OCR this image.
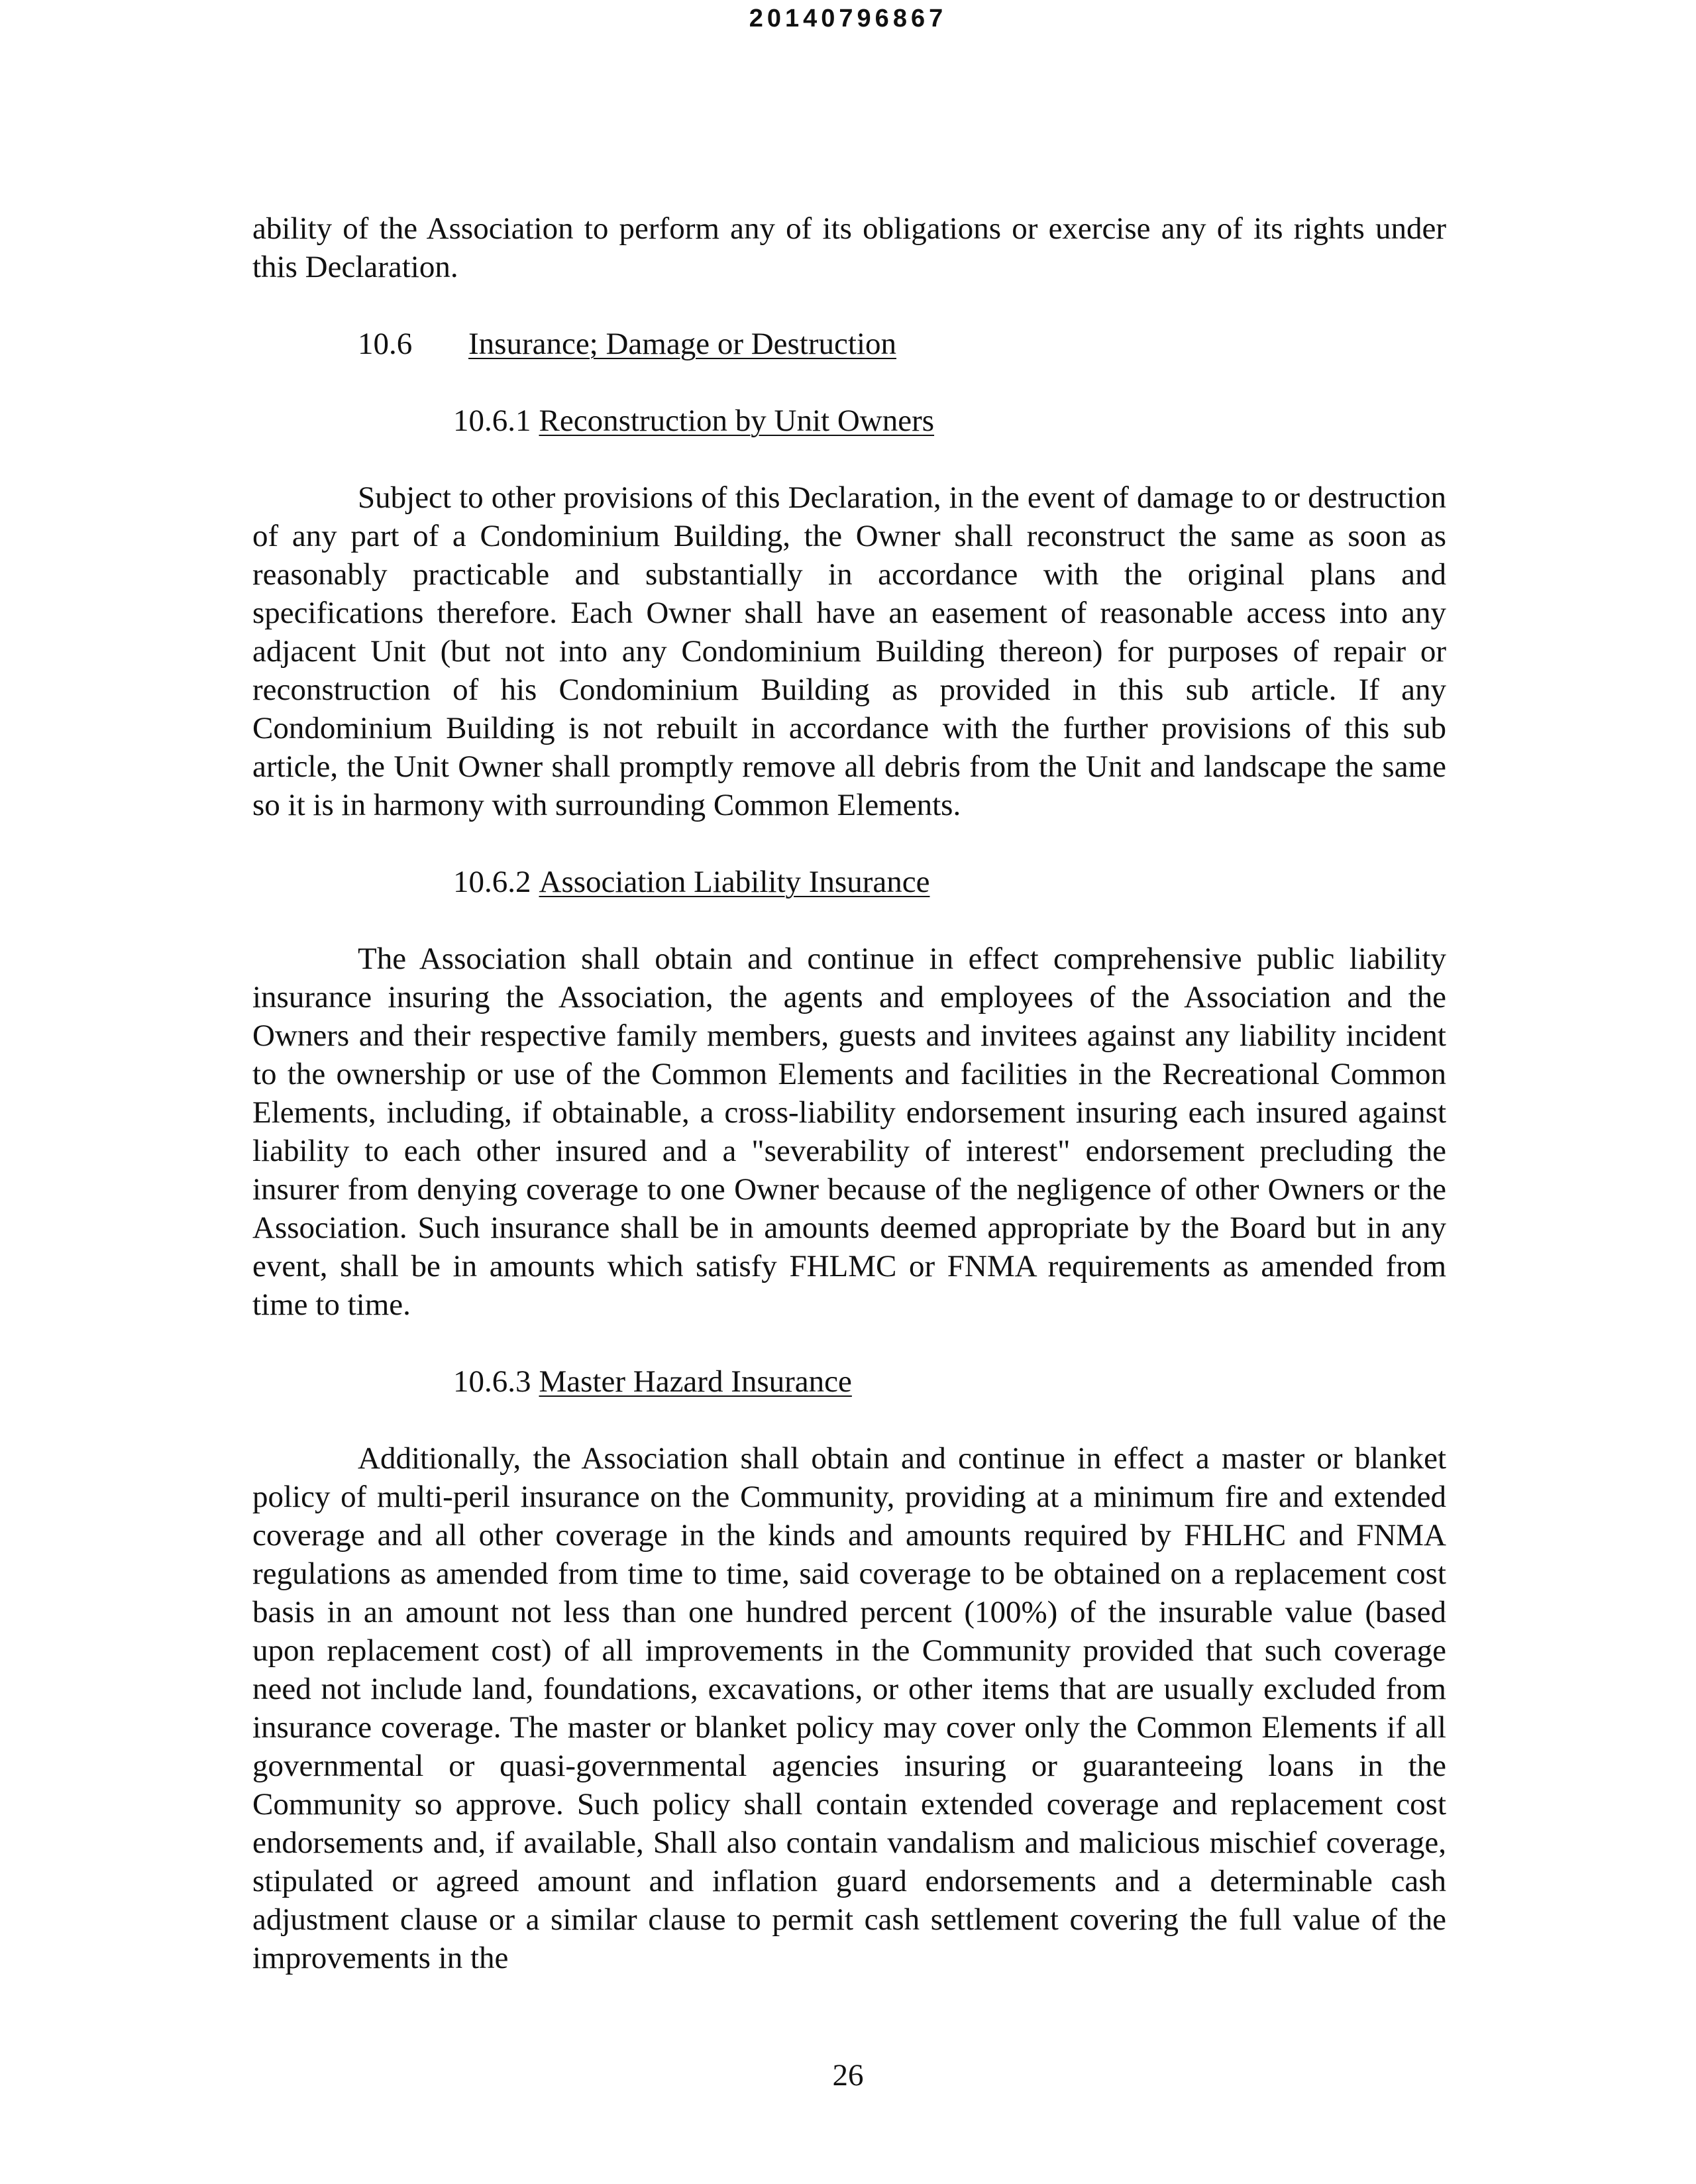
20140796867

ability of the Association to perform any of its obligations or exercise any of its rights under this Declaration.

10.6 Insurance; Damage or Destruction

10.6.1 Reconstruction by Unit Owners

Subject to other provisions of this Declaration, in the event of damage to or destruction of any part of a Condominium Building, the Owner shall reconstruct the same as soon as reasonably practicable and substantially in accordance with the original plans and specifications therefore. Each Owner shall have an easement of reasonable access into any adjacent Unit (but not into any Condominium Building thereon) for purposes of repair or reconstruction of his Condominium Building as provided in this sub article. If any Condominium Building is not rebuilt in accordance with the further provisions of this sub article, the Unit Owner shall promptly remove all debris from the Unit and landscape the same so it is in harmony with surrounding Common Elements.

10.6.2 Association Liability Insurance

The Association shall obtain and continue in effect comprehensive public liability insurance insuring the Association, the agents and employees of the Association and the Owners and their respective family members, guests and invitees against any liability incident to the ownership or use of the Common Elements and facilities in the Recreational Common Elements, including, if obtainable, a cross-liability endorsement insuring each insured against liability to each other insured and a "severability of interest" endorsement precluding the insurer from denying coverage to one Owner because of the negligence of other Owners or the Association. Such insurance shall be in amounts deemed appropriate by the Board but in any event, shall be in amounts which satisfy FHLMC or FNMA requirements as amended from time to time.

10.6.3 Master Hazard Insurance

Additionally, the Association shall obtain and continue in effect a master or blanket policy of multi-peril insurance on the Community, providing at a minimum fire and extended coverage and all other coverage in the kinds and amounts required by FHLHC and FNMA regulations as amended from time to time, said coverage to be obtained on a replacement cost basis in an amount not less than one hundred percent (100%) of the insurable value (based upon replacement cost) of all improvements in the Community provided that such coverage need not include land, foundations, excavations, or other items that are usually excluded from insurance coverage. The master or blanket policy may cover only the Common Elements if all governmental or quasi-governmental agencies insuring or guaranteeing loans in the Community so approve. Such policy shall contain extended coverage and replacement cost endorsements and, if available, Shall also contain vandalism and malicious mischief coverage, stipulated or agreed amount and inflation guard endorsements and a determinable cash adjustment clause or a similar clause to permit cash settlement covering the full value of the improvements in the

26
